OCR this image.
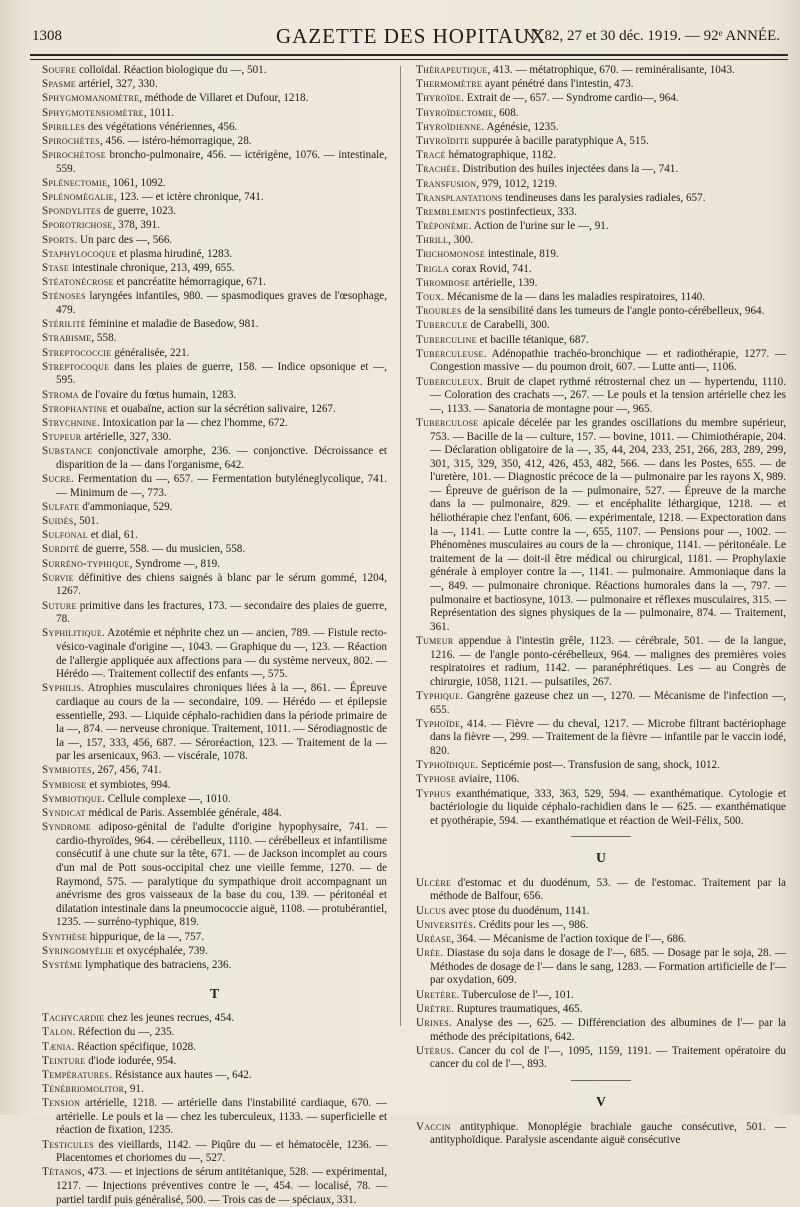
1308	GAZETTE DES HOPITAUX
N° 82, 27 et 30 déc. 1919. — 92ᵉ ANNÉE.

Soufre colloïdal. Réaction biologique du —, 501.

Spasme artériel, 327, 330.

Sphygmomanomètre, méthode de Villaret et Dufour, 1218.

Sphygmotensiomètre, 1011.

Spirilles des végétations vénériennes, 456.

Spirochètes, 456. — istéro-hémorragique, 28.

Spirochétose broncho-pulmonaire, 456. — ictérigène, 1076. — intestinale, 559.

Splénectomie, 1061, 1092.

Splénomégalie, 123. — et ictère chronique, 741.

Spondylites de guerre, 1023.

Sporotrichose, 378, 391.

Sports. Un parc des —, 566.

Staphylocoque et plasma hirudiné, 1283.

Stase intestinale chronique, 213, 499, 655.

Stéatonécrose et pancréatite hémorragique, 671.

Sténoses laryngées infantiles, 980. — spasmodiques graves de l'œsophage, 479.

Stérilité féminine et maladie de Basedow, 981.

Strabisme, 558.

Streptococcie généralisée, 221.

Streptocoque dans les plaies de guerre, 158. — Indice opsonique et —, 595.

Stroma de l'ovaire du fœtus humain, 1283.

Strophantine et ouabaïne, action sur la sécrétion salivaire, 1267.

Strychnine. Intoxication par la — chez l'homme, 672.

Stupeur artérielle, 327, 330.

Substance conjonctivale amorphe, 236. — conjonctive. Décroissance et disparition de la — dans l'organisme, 642.

Sucre. Fermentation du —, 657. — Fermentation butyléneglycolique, 741. — Minimum de —, 773.

Sulfate d'ammoniaque, 529.

Suidés, 501.

Sulfonal et dial, 61.

Surdité de guerre, 558. — du musicien, 558.

Surréno-typhique, Syndrome —, 819.

Survie définitive des chiens saignés à blanc par le sérum gommé, 1204, 1267.

Suture primitive dans les fractures, 173. — secondaire des plaies de guerre, 78.

Syphilitique. Azotémie et néphrite chez un — ancien, 789. — Fistule recto-vésico-vaginale d'origine —, 1043. — Graphique du —, 123. — Réaction de l'allergie appliquée aux affections para — du système nerveux, 802. — Hérédo —. Traitement collectif des enfants —, 575.

Syphilis. Atrophies musculaires chroniques liées à la —, 861. — Épreuve cardiaque au cours de la — secondaire, 109. — Hérédo — et épilepsie essentielle, 293. — Liquide céphalo-rachidien dans la période primaire de la —, 874. — nerveuse chronique. Traitement, 1011. — Sérodiagnostic de la —, 157, 333, 456, 687. — Séroréaction, 123. — Traitement de la — par les arsenicaux, 963. — viscérale, 1078.

Symbiotes, 267, 456, 741.

Symbiose et symbiotes, 994.

Symbiotique. Cellule complexe —, 1010.

Syndicat médical de Paris. Assemblée générale, 484.

Syndrome adiposo-génital de l'adulte d'origine hypophysaire, 741. — cardio-thyroïdes, 964. — cérébelleux, 1110. — cérébelleux et infantilisme consécutif à une chute sur la tête, 671. — de Jackson incomplet au cours d'un mal de Pott sous-occipital chez une vieille femme, 1270. — de Raymond, 575. — paralytique du sympathique droit accompagnant un anévrisme des gros vaisseaux de la base du cou, 139. — péritonéal et dilatation intestinale dans la pneumococcie aiguë, 1108. — protubérantiel, 1235. — surréno-typhique, 819.

Synthèse hippurique, de la —, 757.

Syringomyélie et oxycéphalée, 739.

Système lymphatique des batraciens, 236.

T

Tachycardie chez les jeunes recrues, 454.

Talon. Réfection du —, 235.

Tænia. Réaction spécifique, 1028.

Teinture d'iode iodurée, 954.

Températures. Résistance aux hautes —, 642.

Ténébriomolitor, 91.

Tension artérielle, 1218. — artérielle dans l'instabilité cardiaque, 670. — artérielle. Le pouls et la — chez les tuberculeux, 1133. — superficielle et réaction de fixation, 1235.

Testicules des vieillards, 1142. — Piqûre du — et hématocèle, 1236. — Placentomes et choriomes du —, 527.

Tétanos, 473. — et injections de sérum antitétanique, 528. — expérimental, 1217. — Injections préventives contre le —, 454. — localisé, 78. — partiel tardif puis généralisé, 500. — Trois cas de — spéciaux, 331.

Thérapeutique, 413. — métatrophique, 670. — reminéralisante, 1043.

Thermomètre ayant pénétré dans l'intestin, 473.

Thyroïde. Extrait de —, 657. — Syndrome cardio—, 964.

Thyroïdectomie, 608.

Thyroïdienne. Agénésie, 1235.

Thyroïdite suppurée à bacille paratyphique A, 515.

Tracé hématographique, 1182.

Trachée. Distribution des huiles injectées dans la —, 741.

Transfusion, 979, 1012, 1219.

Transplantations tendineuses dans les paralysies radiales, 657.

Tremblements postinfectieux, 333.

Tréponème. Action de l'urine sur le —, 91.

Thrill, 300.

Trichomonose intestinale, 819.

Trigla corax Rovid, 741.

Thrombose artérielle, 139.

Toux. Mécanisme de la — dans les maladies respiratoires, 1140.

Troubles de la sensibilité dans les tumeurs de l'angle ponto-cérébelleux, 964.

Tubercule de Carabelli, 300.

Tuberculine et bacille tétanique, 687.

Tuberculeuse. Adénopathie trachéo-bronchique — et radiothérapie, 1277. — Congestion massive — du poumon droit, 607. — Lutte anti—, 1106.

Tuberculeux. Bruit de clapet rythmé rétrosternal chez un — hypertendu, 1110. — Coloration des crachats —, 267. — Le pouls et la tension artérielle chez les —, 1133. — Sanatoria de montagne pour —, 965.

Tuberculose apicale décelée par les grandes oscillations du membre supérieur, 753. — Bacille de la — culture, 157. — bovine, 1011. — Chimiothérapie, 204. — Déclaration obligatoire de la —, 35, 44, 204, 233, 251, 266, 283, 289, 299, 301, 315, 329, 350, 412, 426, 453, 482, 566. — dans les Postes, 655. — de l'uretère, 101. — Diagnostic précoce de la — pulmonaire par les rayons X, 989. — Épreuve de guérison de la — pulmonaire, 527. — Épreuve de la marche dans la — pulmonaire, 829. — et encéphalite léthargique, 1218. — et héliothérapie chez l'enfant, 606. — expérimentale, 1218. — Expectoration dans la —, 1141. — Lutte contre la —, 655, 1107. — Pensions pour —, 1002. — Phénomènes musculaires au cours de la — chronique, 1141. — péritonéale. Le traitement de la — doit-il être médical ou chirurgical, 1181. — Prophylaxie générale à employer contre la —, 1141. — pulmonaire. Ammoniaque dans la —, 849. — pulmonaire chronique. Réactions humorales dans la —, 797. — pulmonaire et bactiosyne, 1013. — pulmonaire et réflexes musculaires, 315. — Représentation des signes physiques de la — pulmonaire, 874. — Traitement, 361.

Tumeur appendue à l'intestin grêle, 1123. — cérébrale, 501. — de la langue, 1216. — de l'angle ponto-cérébelleux, 964. — malignes des premières voies respiratoires et radium, 1142. — paranéphrétiques. Les — au Congrès de chirurgie, 1058, 1121. — pulsatiles, 267.

Typhique. Gangrène gazeuse chez un —, 1270. — Mécanisme de l'infection —, 655.

Typhoïde, 414. — Fièvre — du cheval, 1217. — Microbe filtrant bactériophage dans la fièvre —, 299. — Traitement de la fièvre — infantile par le vaccin iodé, 820.

Typhoïdique. Septicémie post—. Transfusion de sang, shock, 1012.

Typhose aviaire, 1106.

Typhus exanthématique, 333, 363, 529, 594. — exanthématique. Cytologie et bactériologie du liquide céphalo-rachidien dans le — 625. — exanthématique et pyothérapie, 594. — exanthématique et réaction de Weil-Félix, 500.

U

Ulcère d'estomac et du duodénum, 53. — de l'estomac. Traitement par la méthode de Balfour, 656.

Ulcus avec ptose du duodénum, 1141.

Universités. Crédits pour les —, 986.

Uréase, 364. — Mécanisme de l'action toxique de l'—, 686.

Urée. Diastase du soja dans le dosage de l'—, 685. — Dosage par le soja, 28. — Méthodes de dosage de l'— dans le sang, 1283. — Formation artificielle de l'— par oxydation, 609.

Uretère. Tuberculose de l'—, 101.

Urètre. Ruptures traumatiques, 465.

Urines. Analyse des —, 625. — Différenciation des albumines de l'— par la méthode des précipitations, 642.

Utérus. Cancer du col de l'—, 1095, 1159, 1191. — Traitement opératoire du cancer du col de l'—, 893.

V

Vaccin antityphique. Monoplégie brachiale gauche consécutive, 501. — antityphoïdique. Paralysie ascendante aiguë consécutive
